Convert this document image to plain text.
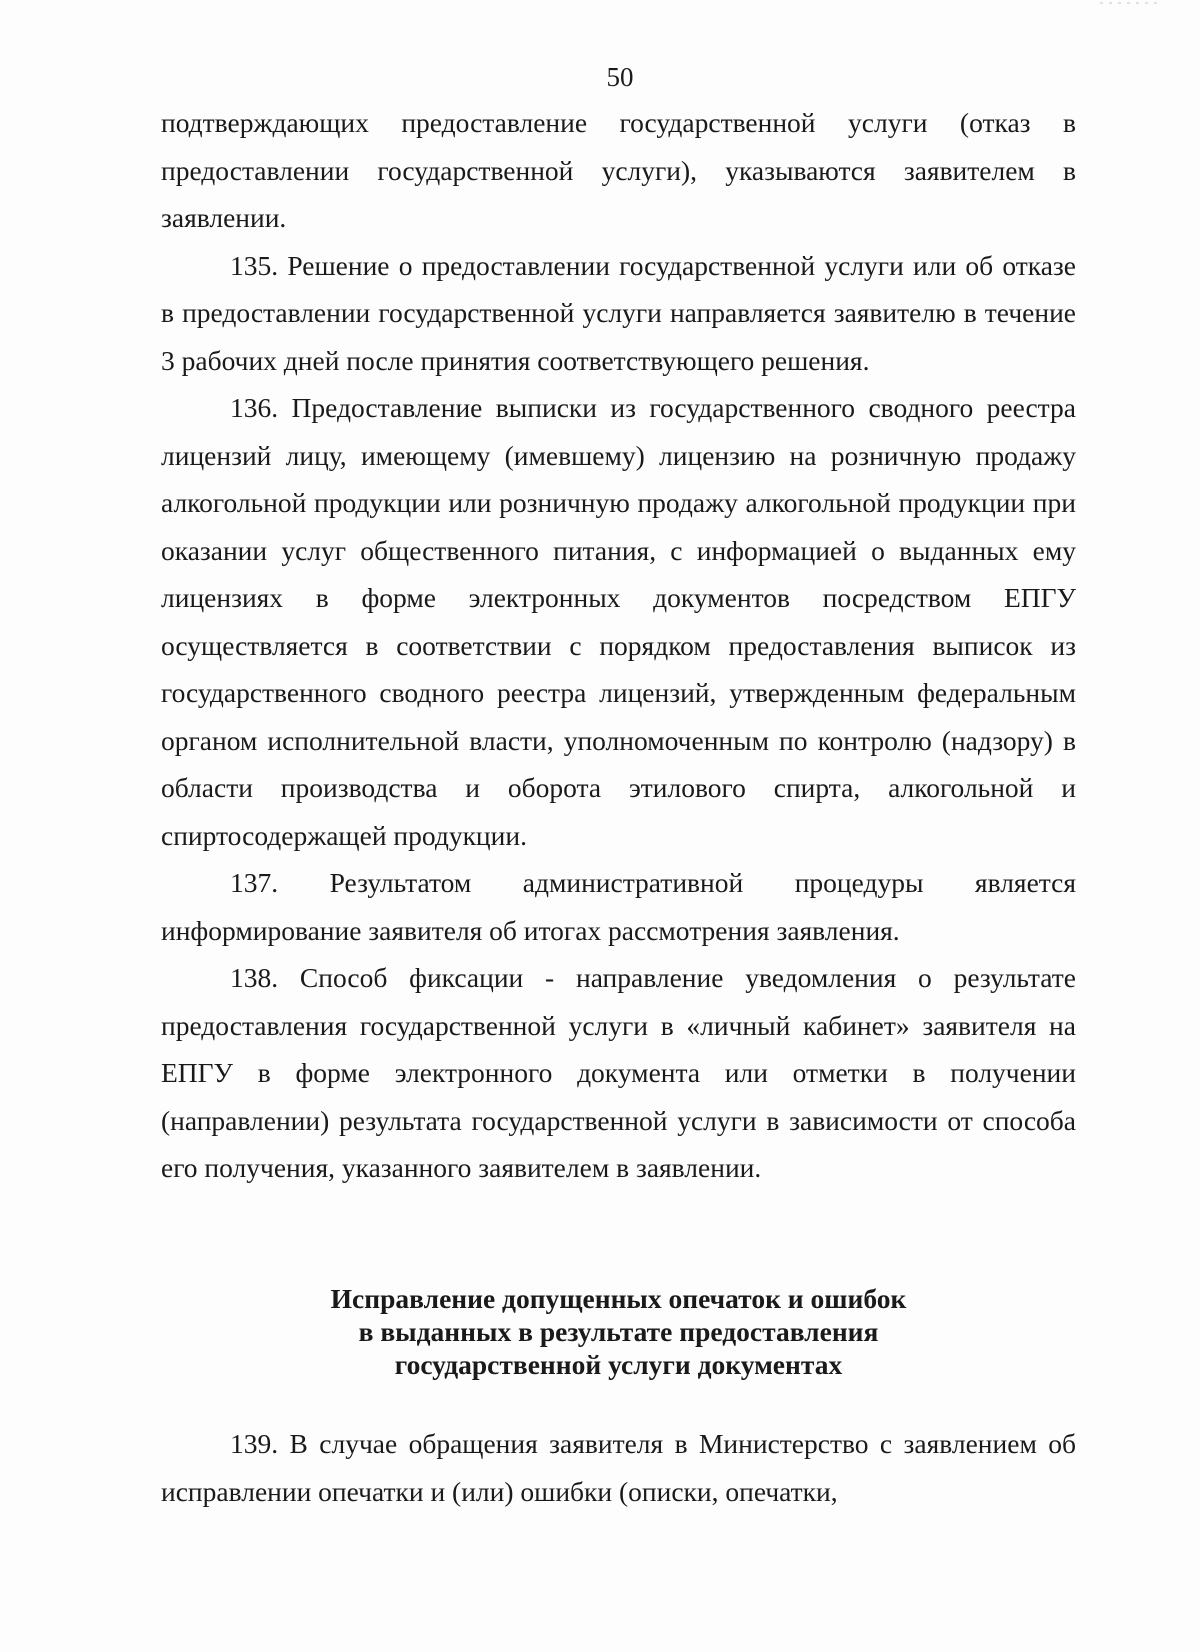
50

подтверждающих предоставление государственной услуги (отказ в предоставлении государственной услуги), указываются заявителем в заявлении.

135. Решение о предоставлении государственной услуги или об отказе в предоставлении государственной услуги направляется заявителю в течение 3 рабочих дней после принятия соответствующего решения.

136. Предоставление выписки из государственного сводного реестра лицензий лицу, имеющему (имевшему) лицензию на розничную продажу алкогольной продукции или розничную продажу алкогольной продукции при оказании услуг общественного питания, с информацией о выданных ему лицензиях в форме электронных документов посредством ЕПГУ осуществляется в соответствии с порядком предоставления выписок из государственного сводного реестра лицензий, утвержденным федеральным органом исполнительной власти, уполномоченным по контролю (надзору) в области производства и оборота этилового спирта, алкогольной и спиртосодержащей продукции.

137. Результатом административной процедуры является информирование заявителя об итогах рассмотрения заявления.

138. Способ фиксации - направление уведомления о результате предоставления государственной услуги в «личный кабинет» заявителя на ЕПГУ в форме электронного документа или отметки в получении (направлении) результата государственной услуги в зависимости от способа его получения, указанного заявителем в заявлении.

Исправление допущенных опечаток и ошибок
в выданных в результате предоставления
государственной услуги документах

139. В случае обращения заявителя в Министерство с заявлением об исправлении опечатки и (или) ошибки (описки, опечатки,
